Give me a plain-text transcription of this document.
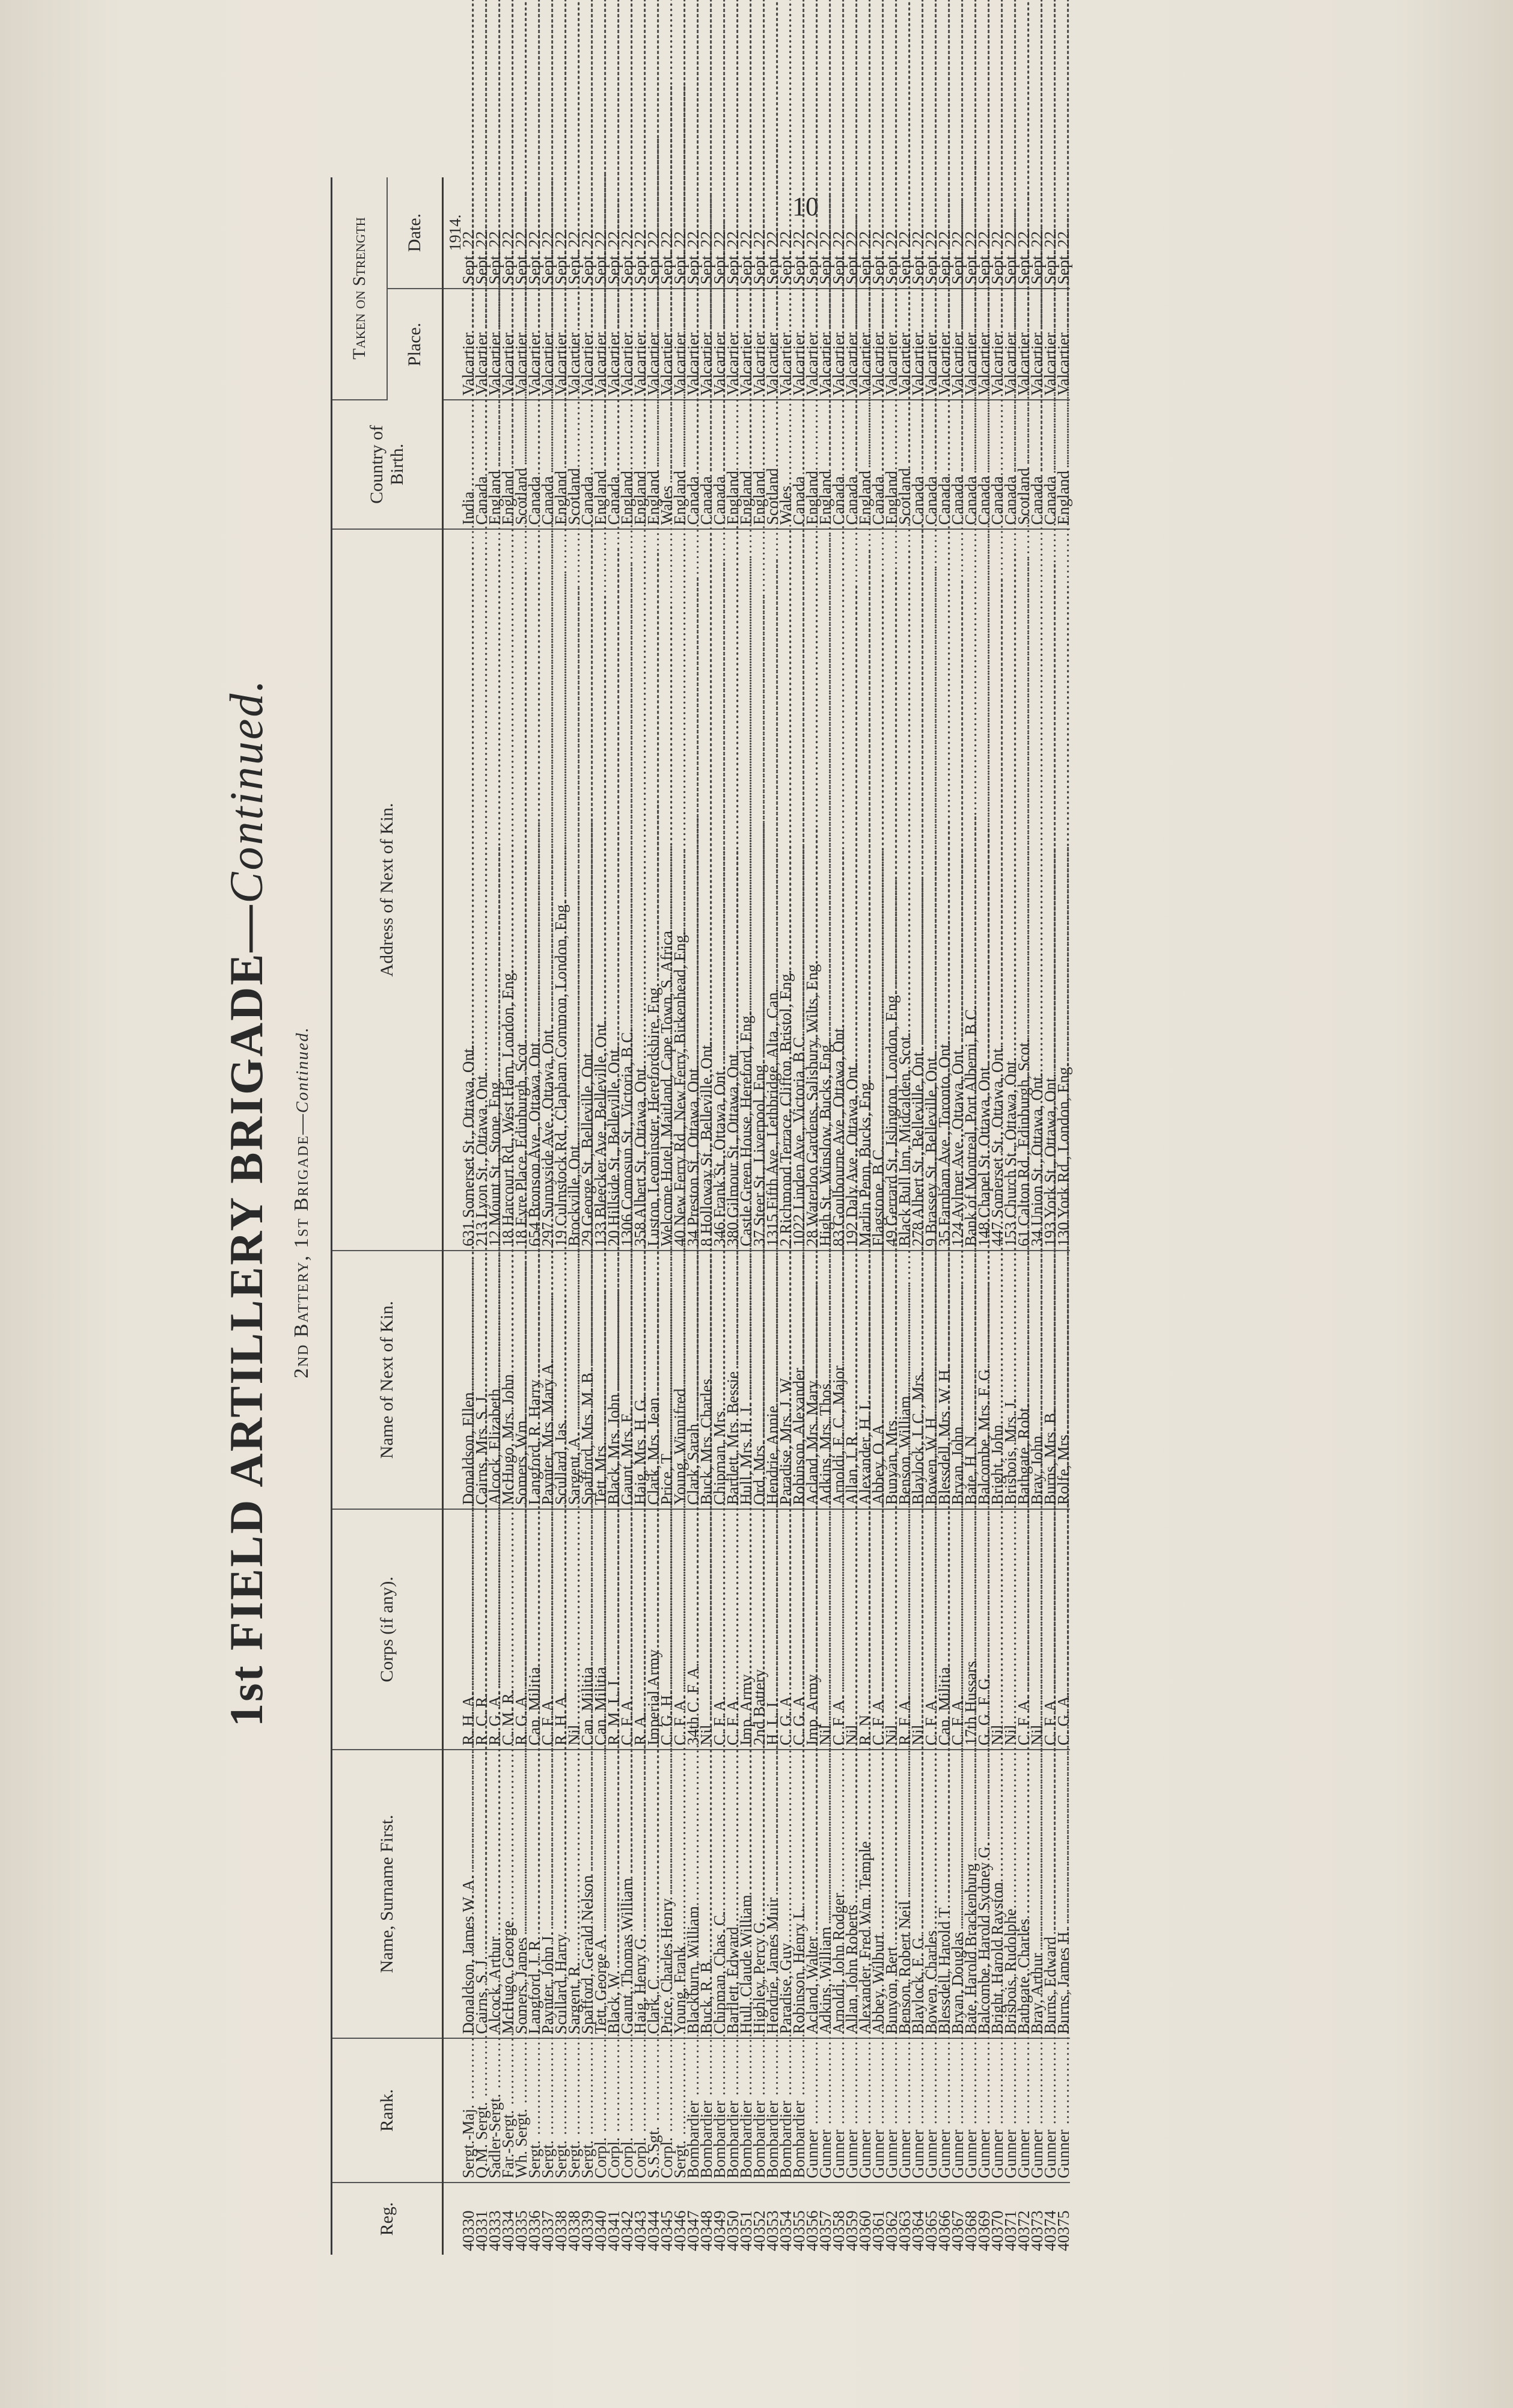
10
1st FIELD ARTILLERY BRIGADE—Continued.
2nd Battery, 1st Brigade—Continued.
Reg.	Rank.	Name, Surname First.	Corps (if any).	Name of Next of Kin.	Address of Next of Kin.	Country of Birth.	Taken on Strength	
							Place.	Date.
								1914.

40330	Sergt.-Maj. .....	Donaldson, James W. A. .....	R. H. A. .....	Donaldson, Ellen .....	631 Somerset St., Ottawa, Ont. .....	India .....	Valcartier .....	Sept. 22

40331	Q.M. Sergt. .....	Cairns, S. J. .....	R. C. R. .....	Cairns, Mrs. S. J. .....	213 Lyon St., Ottawa, Ont. .....	Canada .....	Valcartier .....	Sept. 22

40333	Sadler-Sergt. .....	Alcock, Arthur .....	R. G. A. .....	Alcock, Elizabeth .....	12 Mount St., Stone, Eng. .....	England .....	Valcartier .....	Sept. 22

40334	Far.-Sergt. .....	McHugo, George .....	C. M. R. .....	McHugo, Mrs. John .....	18 Harcourt Rd., West Ham, London, Eng. .....	England .....	Valcartier .....	Sept. 22

40335	Wh. Sergt. .....	Somers, James .....	R. G. A. .....	Somers, Wm. .....	18 Eyre Place, Edinburgh, Scot. .....	Scotland .....	Valcartier .....	Sept. 22

40336	Sergt. .....	Langford, J. R. .....	Can. Militia .....	Langford, R. Harry .....	654 Bronson Ave., Ottawa, Ont. .....	Canada .....	Valcartier .....	Sept. 22

40337	Sergt. .....	Paynter, John J. .....	C. F. A. .....	Paynter, Mrs. Mary A. .....	297 Sunnyside Ave., Ottawa, Ont. .....	Canada .....	Valcartier .....	Sept. 22

40338	Sergt. .....	Scullard, Harry .....	R. H. A. .....	Scullard, Jas. .....	19 Culmstock Rd., Clapham Common, London, Eng. .....	England .....	Valcartier .....	Sept. 22

40338	Sergt. .....	Sargent, R. .....	Nil .....	Sargent, A. .....	Brockville, Ont. .....	Scotland .....	Valcartier .....	Sept. 22

40339	Sergt. .....	Spafford, Gerald Nelson .....	Can. Militia .....	Spafford, Mrs. M. B. .....	29 George St., Belleville, Ont. .....	Canada .....	Valcartier .....	Sept. 22

40340	Corpl. .....	Tett, George A. .....	Can. Militia .....	Tett, Mrs. .....	133 Bleecker Ave., Belleville, Ont. .....	England .....	Valcartier .....	Sept. 22

40341	Corpl. .....	Black, W. .....	R. M. L. I. .....	Black, Mrs. John .....	20 Hillside St., Belleville, Ont. .....	Canada .....	Valcartier .....	Sept. 22

40342	Corpl. .....	Gaunt, Thomas William .....	C. F. A. .....	Gaunt, Mrs. E. .....	1306 Comosun St., Victoria, B.C. .....	England .....	Valcartier .....	Sept. 22

40343	Corpl. .....	Haig, Henry G. .....	R. A. .....	Haig, Mrs. H. G. .....	358 Albert St., Ottawa, Ont. .....	England .....	Valcartier .....	Sept. 22

40344	S.S.Sgt. .....	Clark, C. .....	Imperial Army .....	Clark, Mrs. Jean .....	Luston, Leominster, Herefordshire, Eng. .....	England .....	Valcartier .....	Sept. 22

40345	Corpl. .....	Price, Charles Henry .....	C. G. H. .....	Price, T. .....	Welcome Hotel, Maitland, Cape Town, S. Africa .....	Wales .....	Valcartier .....	Sept. 22

40346	Sergt. .....	Young, Frank .....	C. F. A. .....	Young, Winnifred .....	40 New Ferry Rd., New Ferry, Birkenhead, Eng. .....	England .....	Valcartier .....	Sept. 22

40347	Bombardier .....	Blackburn, William .....	34th C. F. A. .....	Clark, Sarah .....	34 Preston St., Ottawa, Ont. .....	Canada .....	Valcartier .....	Sept. 22

40348	Bombardier .....	Buck, R. B. .....	Nil .....	Buck, Mrs. Charles .....	8 Holloway St., Belleville, Ont. .....	Canada .....	Valcartier .....	Sept. 22

40349	Bombardier .....	Chipman, Chas. C. .....	C. F. A. .....	Chipman, Mrs. .....	346 Frank St., Ottawa, Ont. .....	Canada .....	Valcartier .....	Sept. 22

40350	Bombardier .....	Bartlett, Edward .....	C. F. A. .....	Bartlett, Mrs. Bessie .....	380 Gilmour St., Ottawa, Ont. .....	England .....	Valcartier .....	Sept. 22

40351	Bombardier .....	Hull, Claude William .....	Imp. Army .....	Hull, Mrs. H. J. .....	Castle Green House, Hereford, Eng. .....	England .....	Valcartier .....	Sept. 22

40352	Bombardier .....	Highley, Percy G. .....	2nd Battery .....	Ord, Mrs. .....	37 Steer St., Liverpool, Eng. .....	England .....	Valcartier .....	Sept. 22

40353	Bombardier .....	Hendrie, James Muir .....	H. L. I. .....	Hendrie, Annie .....	1315 Fifth Ave., Lethbridge, Alta., Can. .....	Scotland .....	Valcartier .....	Sept. 22

40354	Bombardier .....	Paradise, Guy .....	C. G. A. .....	Paradise, Mrs. J. W. .....	2 Richmond Terrace, Clifton, Bristol, Eng. .....	Wales .....	Valcartier .....	Sept. 22

40355	Bombardier .....	Robinson, Henry L. .....	C. G. A. .....	Robinson, Alexander .....	1022 Linden Ave., Victoria, B.C. .....	Canada .....	Valcartier .....	Sept. 22

40356	Gunner .....	Acland, Walter .....	Imp. Army .....	Acland, Mrs. Mary .....	28 Waterloo Gardens, Salisbury, Wilts, Eng. .....	England .....	Valcartier .....	Sept. 22

40357	Gunner .....	Adkins, William .....	Nil .....	Adkins, Mrs. Thos. .....	High St., Winslow, Bucks, Eng. .....	England .....	Valcartier .....	Sept. 22

40358	Gunner .....	Arnoldi, John Rodger .....	C. F. A. .....	Arnoldi, E. C., Major .....	83 Goulbourne Ave., Ottawa, Ont. .....	Canada .....	Valcartier .....	Sept. 22

40359	Gunner .....	Allan, John Roberts .....	Nil .....	Allan, J. R. .....	192 Daly Ave., Ottawa, Ont. .....	Canada .....	Valcartier .....	Sept. 22

40360	Gunner .....	Alexander, Fred Wm. Temple .....	R. N. .....	Alexander, H. L. .....	Marlin Penn, Bucks, Eng. .....	England .....	Valcartier .....	Sept. 22

40361	Gunner .....	Abbey, Wilburt .....	C. F. A. .....	Abbey, O. A. .....	Flagstone, B.C. .....	Canada .....	Valcartier .....	Sept. 22

40362	Gunner .....	Bunyon, Bert .....	Nil .....	Bunyan, Mrs. .....	49 Gerrard St., Islington, London, Eng. .....	England .....	Valcartier .....	Sept. 22

40363	Gunner .....	Benson, Robert Neil .....	R. F. A. .....	Benson, William .....	Black Bull Inn, Midcalden, Scot. .....	Scotland .....	Valcartier .....	Sept. 22

40364	Gunner .....	Blaylock, E. G. .....	Nil .....	Blaylock, J. C., Mrs. .....	278 Albert St., Belleville, Ont. .....	Canada .....	Valcartier .....	Sept. 22

40365	Gunner .....	Bowen, Charles .....	C. F. A. .....	Bowen, W. H. .....	9 Brassey St., Belleville, Ont. .....	Canada .....	Valcartier .....	Sept. 22

40366	Gunner .....	Blessdell, Harold T. .....	Can. Militia .....	Blessdell, Mrs. W. H. .....	35 Farnham Ave., Toronto, Ont. .....	Canada .....	Valcartier .....	Sept. 22

40367	Gunner .....	Bryan, Douglas .....	C. F. A. .....	Bryan, John .....	124 Aylmer Ave., Ottawa, Ont. .....	Canada .....	Valcartier .....	Sept. 22

40368	Gunner .....	Bate, Harold Brackenburg .....	17th Hussars .....	Bate, H. N. .....	Bank of Montreal, Port Alberni, B.C. .....	Canada .....	Valcartier .....	Sept. 22

40369	Gunner .....	Balcombe, Harold Sydney G. .....	G. G. F. G. .....	Balcombe, Mrs. F. G. .....	148 Chapel St. Ottawa, Ont. .....	Canada .....	Valcartier .....	Sept. 22

40370	Gunner .....	Bright, Harold Rayston .....	Nil .....	Bright, John .....	447 Somerset St., Ottawa, Ont. .....	Canada .....	Valcartier .....	Sept. 22

40371	Gunner .....	Brisbois, Rudolphe .....	Nil .....	Brisbois, Mrs. J. .....	153 Church St., Ottawa, Ont. .....	Canada .....	Valcartier .....	Sept. 22

40372	Gunner .....	Bathgate, Charles .....	C. F. A. .....	Bathgate, Robt. .....	61 Calton Rd., Edinburgh, Scot. .....	Scotland .....	Valcartier .....	Sept. 22

40373	Gunner .....	Bray, Arthur .....	Nil .....	Bray, John .....	34 Union St., Ottawa, Ont. .....	Canada .....	Valcartier .....	Sept. 22

40374	Gunner .....	Burns, Edward .....	C. F. A. .....	Burns, Mrs. B. .....	193 York St., Ottawa, Ont. .....	Canada .....	Valcartier .....	Sept. 22

40375	Gunner .....	Burns, James H. .....	C. G. A. .....	Rolfe, Mrs. .....	130 York Rd., London, Eng. .....	England .....	Valcartier .....	Sept. 22
